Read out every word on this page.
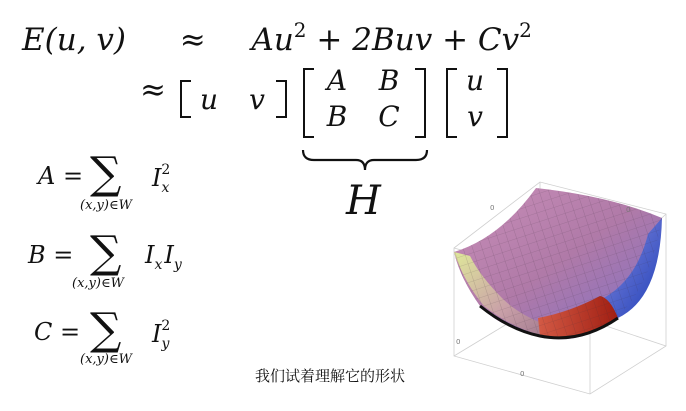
E(u, $v) \approx Au^2 + 2Buv + Cv^2$
≈ u	v
A B
B C
u
v
H
A = ∑
(x,y)∈W
$I_x^2$
B = ∑
(x,y)∈W
$I_xI_y$
C = ∑
(x,y)∈W
$I_y^2$
0	0
0
0
我们试着理解它的形状
